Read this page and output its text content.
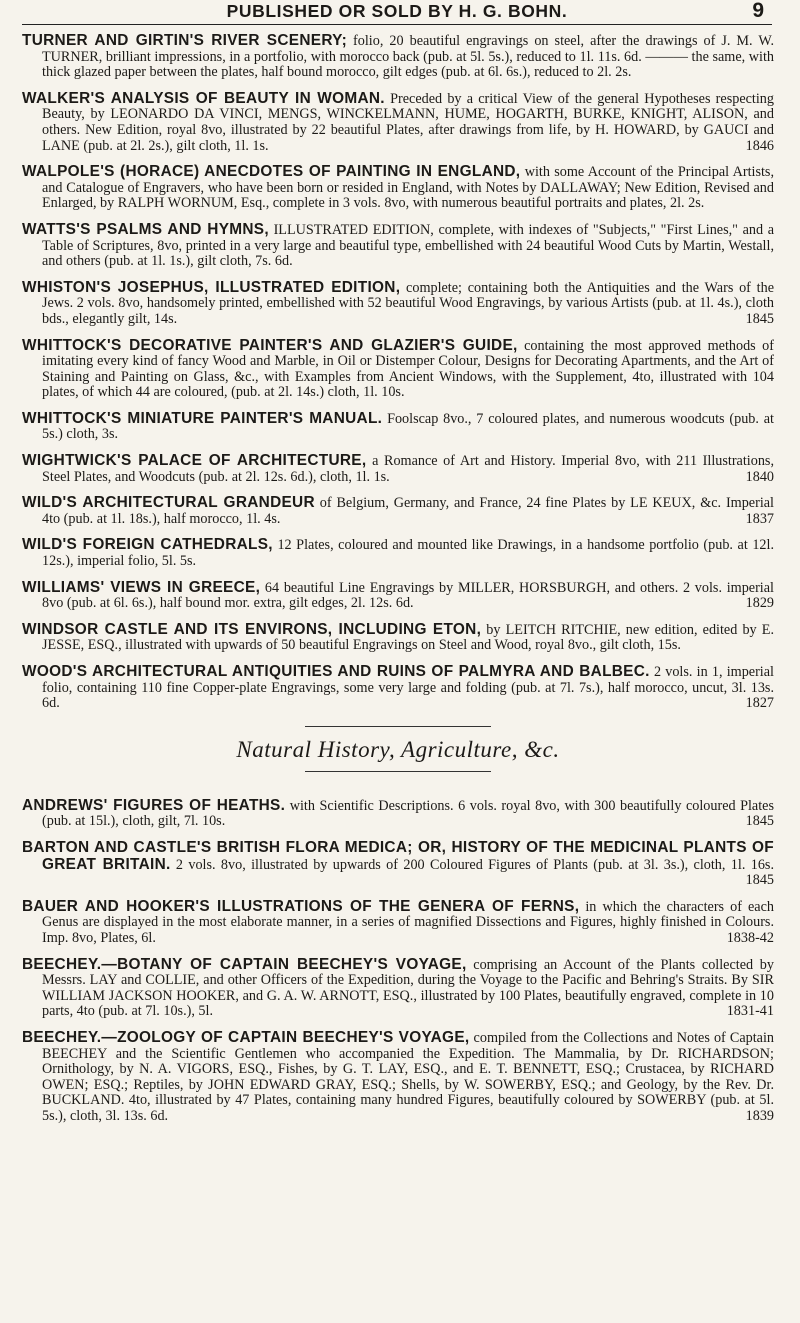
PUBLISHED OR SOLD BY H. G. BOHN.	9
TURNER AND GIRTIN'S RIVER SCENERY; folio, 20 beautiful engravings on steel, after the drawings of J. M. W. TURNER, brilliant impressions, in a portfolio, with morocco back (pub. at 5l. 5s.), reduced to 1l. 11s. 6d. ——— the same, with thick glazed paper between the plates, half bound morocco, gilt edges (pub. at 6l. 6s.), reduced to 2l. 2s.
WALKER'S ANALYSIS OF BEAUTY IN WOMAN. Preceded by a critical View of the general Hypotheses respecting Beauty, by LEONARDO DA VINCI, MENGS, WINCKELMANN, HUME, HOGARTH, BURKE, KNIGHT, ALISON, and others. New Edition, royal 8vo, illustrated by 22 beautiful Plates, after drawings from life, by H. HOWARD, by GAUCI and LANE (pub. at 2l. 2s.), gilt cloth, 1l. 1s.	1846
WALPOLE'S (HORACE) ANECDOTES OF PAINTING IN ENGLAND, with some Account of the Principal Artists, and Catalogue of Engravers, who have been born or resided in England, with Notes by DALLAWAY; New Edition, Revised and Enlarged, by RALPH WORNUM, Esq., complete in 3 vols. 8vo, with numerous beautiful portraits and plates, 2l. 2s.
WATTS'S PSALMS AND HYMNS, ILLUSTRATED EDITION, complete, with indexes of "Subjects," "First Lines," and a Table of Scriptures, 8vo, printed in a very large and beautiful type, embellished with 24 beautiful Wood Cuts by Martin, Westall, and others (pub. at 1l. 1s.), gilt cloth, 7s. 6d.
WHISTON'S JOSEPHUS, ILLUSTRATED EDITION, complete; containing both the Antiquities and the Wars of the Jews. 2 vols. 8vo, handsomely printed, embellished with 52 beautiful Wood Engravings, by various Artists (pub. at 1l. 4s.), cloth bds., elegantly gilt, 14s.	1845
WHITTOCK'S DECORATIVE PAINTER'S AND GLAZIER'S GUIDE, containing the most approved methods of imitating every kind of fancy Wood and Marble, in Oil or Distemper Colour, Designs for Decorating Apartments, and the Art of Staining and Painting on Glass, &c., with Examples from Ancient Windows, with the Supplement, 4to, illustrated with 104 plates, of which 44 are coloured, (pub. at 2l. 14s.) cloth, 1l. 10s.
WHITTOCK'S MINIATURE PAINTER'S MANUAL. Foolscap 8vo., 7 coloured plates, and numerous woodcuts (pub. at 5s.) cloth, 3s.
WIGHTWICK'S PALACE OF ARCHITECTURE, a Romance of Art and History. Imperial 8vo, with 211 Illustrations, Steel Plates, and Woodcuts (pub. at 2l. 12s. 6d.), cloth, 1l. 1s.	1840
WILD'S ARCHITECTURAL GRANDEUR of Belgium, Germany, and France, 24 fine Plates by LE KEUX, &c. Imperial 4to (pub. at 1l. 18s.), half morocco, 1l. 4s.	1837
WILD'S FOREIGN CATHEDRALS, 12 Plates, coloured and mounted like Drawings, in a handsome portfolio (pub. at 12l. 12s.), imperial folio, 5l. 5s.
WILLIAMS' VIEWS IN GREECE, 64 beautiful Line Engravings by MILLER, HORSBURGH, and others. 2 vols. imperial 8vo (pub. at 6l. 6s.), half bound mor. extra, gilt edges, 2l. 12s. 6d.	1829
WINDSOR CASTLE AND ITS ENVIRONS, INCLUDING ETON, by LEITCH RITCHIE, new edition, edited by E. JESSE, ESQ., illustrated with upwards of 50 beautiful Engravings on Steel and Wood, royal 8vo., gilt cloth, 15s.
WOOD'S ARCHITECTURAL ANTIQUITIES AND RUINS OF PALMYRA AND BALBEC. 2 vols. in 1, imperial folio, containing 110 fine Copper-plate Engravings, some very large and folding (pub. at 7l. 7s.), half morocco, uncut, 3l. 13s. 6d.	1827
Natural History, Agriculture, &c.
ANDREWS' FIGURES OF HEATHS. with Scientific Descriptions. 6 vols. royal 8vo, with 300 beautifully coloured Plates (pub. at 15l.), cloth, gilt, 7l. 10s.	1845
BARTON AND CASTLE'S BRITISH FLORA MEDICA; OR, HISTORY OF THE MEDICINAL PLANTS OF GREAT BRITAIN. 2 vols. 8vo, illustrated by upwards of 200 Coloured Figures of Plants (pub. at 3l. 3s.), cloth, 1l. 16s.
1845
BAUER AND HOOKER'S ILLUSTRATIONS OF THE GENERA OF FERNS, in which the characters of each Genus are displayed in the most elaborate manner, in a series of magnified Dissections and Figures, highly finished in Colours. Imp. 8vo, Plates, 6l.	1838-42
BEECHEY.—BOTANY OF CAPTAIN BEECHEY'S VOYAGE, comprising an Account of the Plants collected by Messrs. LAY and COLLIE, and other Officers of the Expedition, during the Voyage to the Pacific and Behring's Straits. By SIR WILLIAM JACKSON HOOKER, and G. A. W. ARNOTT, ESQ., illustrated by 100 Plates, beautifully engraved, complete in 10 parts, 4to (pub. at 7l. 10s.), 5l.	1831-41
BEECHEY.—ZOOLOGY OF CAPTAIN BEECHEY'S VOYAGE, compiled from the Collections and Notes of Captain BEECHEY and the Scientific Gentlemen who accompanied the Expedition. The Mammalia, by Dr. RICHARDSON; Ornithology, by N. A. VIGORS, ESQ., Fishes, by G. T. LAY, ESQ., and E. T. BENNETT, ESQ.; Crustacea, by RICHARD OWEN; ESQ.; Reptiles, by JOHN EDWARD GRAY, ESQ.; Shells, by W. SOWERBY, ESQ.; and Geology, by the Rev. Dr. BUCKLAND. 4to, illustrated by 47 Plates, containing many hundred Figures, beautifully coloured by SOWERBY (pub. at 5l. 5s.), cloth, 3l. 13s. 6d.	1839
